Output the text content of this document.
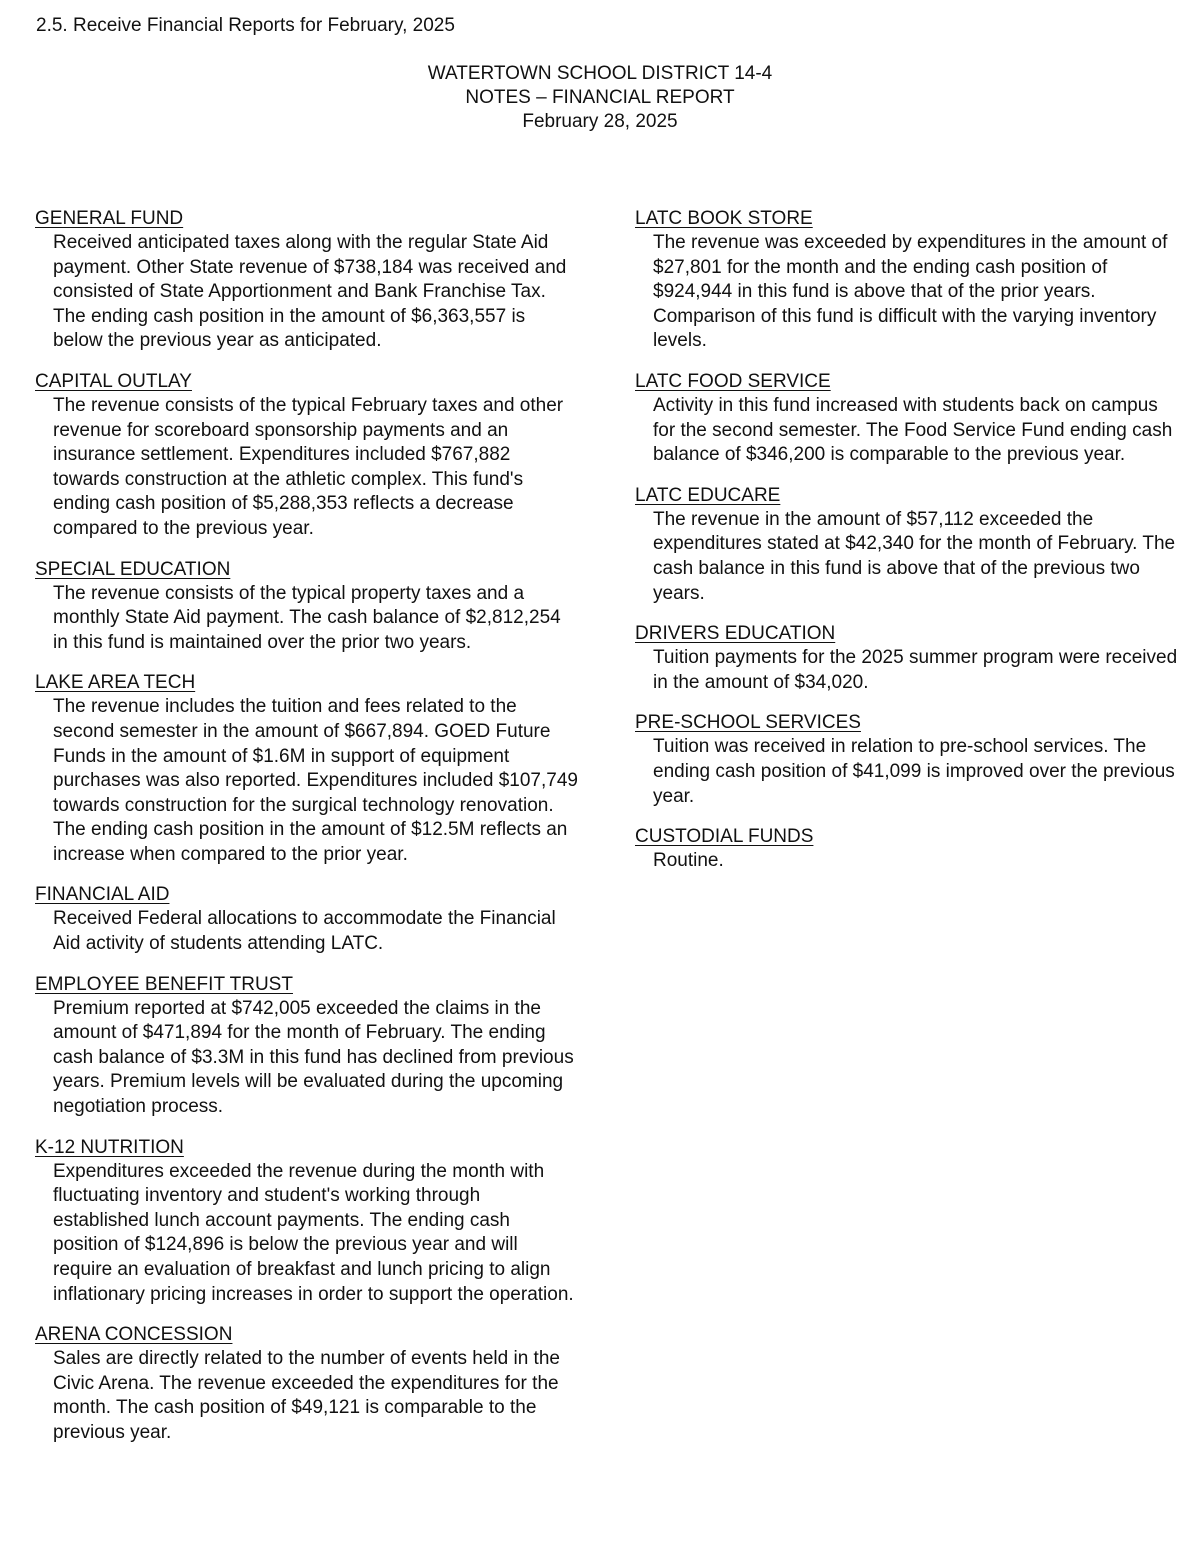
2.5. Receive Financial Reports for February, 2025
WATERTOWN SCHOOL DISTRICT 14-4
NOTES – FINANCIAL REPORT
February 28, 2025
GENERAL FUND

Received anticipated taxes along with the regular State Aid payment. Other State revenue of $738,184 was received and consisted of State Apportionment and Bank Franchise Tax. The ending cash position in the amount of $6,363,557 is below the previous year as anticipated.

CAPITAL OUTLAY

The revenue consists of the typical February taxes and other revenue for scoreboard sponsorship payments and an insurance settlement. Expenditures included $767,882 towards construction at the athletic complex. This fund's ending cash position of $5,288,353 reflects a decrease compared to the previous year.

SPECIAL EDUCATION

The revenue consists of the typical property taxes and a monthly State Aid payment. The cash balance of $2,812,254 in this fund is maintained over the prior two years.

LAKE AREA TECH

The revenue includes the tuition and fees related to the second semester in the amount of $667,894. GOED Future Funds in the amount of $1.6M in support of equipment purchases was also reported. Expenditures included $107,749 towards construction for the surgical technology renovation. The ending cash position in the amount of $12.5M reflects an increase when compared to the prior year.

FINANCIAL AID

Received Federal allocations to accommodate the Financial Aid activity of students attending LATC.

EMPLOYEE BENEFIT TRUST

Premium reported at $742,005 exceeded the claims in the amount of $471,894 for the month of February. The ending cash balance of $3.3M in this fund has declined from previous years. Premium levels will be evaluated during the upcoming negotiation process.

K-12 NUTRITION

Expenditures exceeded the revenue during the month with fluctuating inventory and student's working through established lunch account payments. The ending cash position of $124,896 is below the previous year and will require an evaluation of breakfast and lunch pricing to align inflationary pricing increases in order to support the operation.

ARENA CONCESSION

Sales are directly related to the number of events held in the Civic Arena. The revenue exceeded the expenditures for the month. The cash position of $49,121 is comparable to the previous year.

LATC BOOK STORE

The revenue was exceeded by expenditures in the amount of $27,801 for the month and the ending cash position of $924,944 in this fund is above that of the prior years. Comparison of this fund is difficult with the varying inventory levels.

LATC FOOD SERVICE

Activity in this fund increased with students back on campus for the second semester. The Food Service Fund ending cash balance of $346,200 is comparable to the previous year.

LATC EDUCARE

The revenue in the amount of $57,112 exceeded the expenditures stated at $42,340 for the month of February. The cash balance in this fund is above that of the previous two years.

DRIVERS EDUCATION

Tuition payments for the 2025 summer program were received in the amount of $34,020.

PRE-SCHOOL SERVICES

Tuition was received in relation to pre-school services. The ending cash position of $41,099 is improved over the previous year.

CUSTODIAL FUNDS

Routine.
